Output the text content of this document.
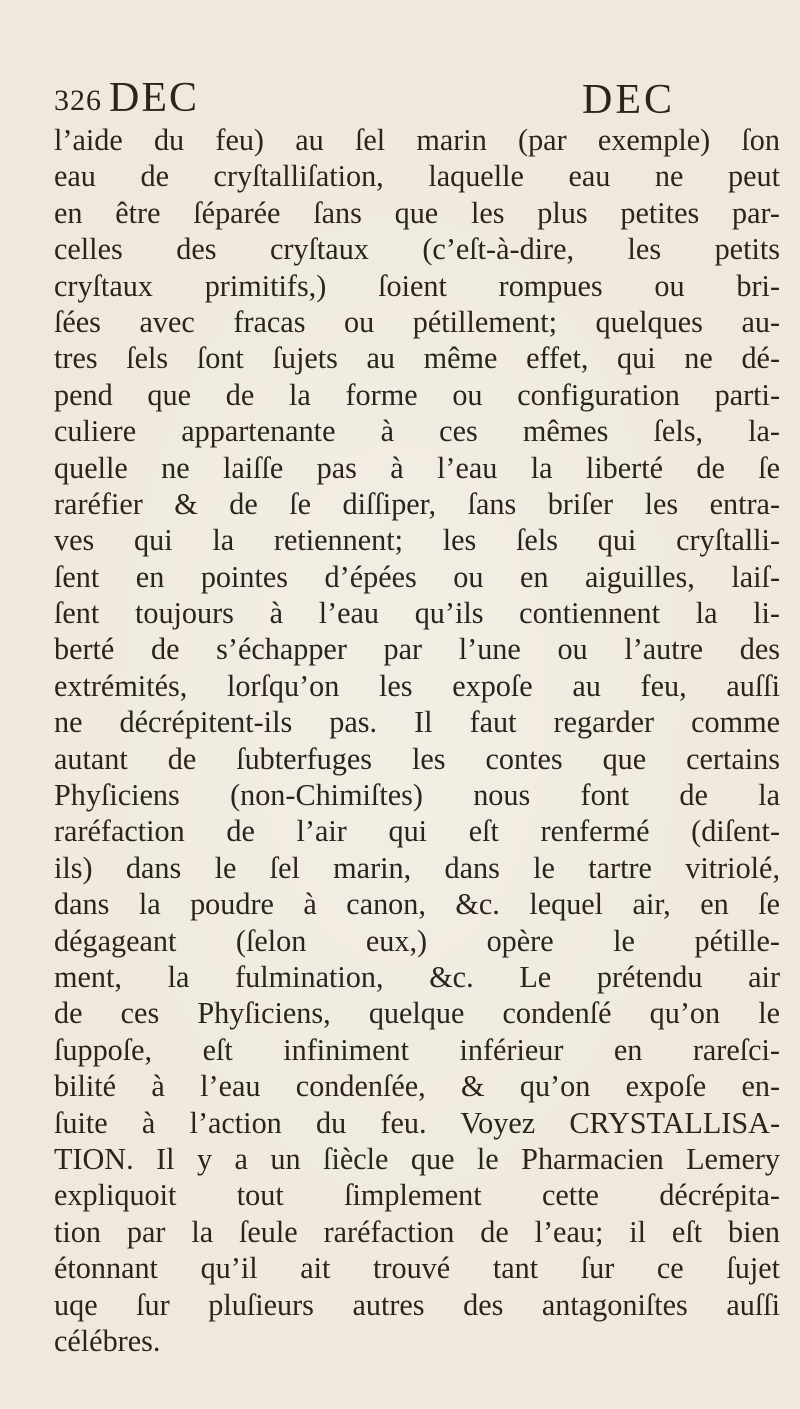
326 DEC	DEC
l’aide du feu) au ſel marin (par exemple) ſon
eau de cryſtalliſation, laquelle eau ne peut
en être ſéparée ſans que les plus petites par-
celles des cryſtaux (c’eſt-à-dire, les petits
cryſtaux primitifs,) ſoient rompues ou bri-
ſées avec fracas ou pétillement; quelques au-
tres ſels ſont ſujets au même effet, qui ne dé-
pend que de la forme ou configuration parti-
culiere appartenante à ces mêmes ſels, la-
quelle ne laiſſe pas à l’eau la liberté de ſe
raréfier & de ſe diſſiper, ſans briſer les entra-
ves qui la retiennent; les ſels qui cryſtalli-
ſent en pointes d’épées ou en aiguilles, laiſ-
ſent toujours à l’eau qu’ils contiennent la li-
berté de s’échapper par l’une ou l’autre des
extrémités, lorſqu’on les expoſe au feu, auſſi
ne décrépitent-ils pas. Il faut regarder comme
autant de ſubterfuges les contes que certains
Phyſiciens (non-Chimiſtes) nous font de la
raréfaction de l’air qui eſt renfermé (diſent-
ils) dans le ſel marin, dans le tartre vitriolé,
dans la poudre à canon, &c. lequel air, en ſe
dégageant (ſelon eux,) opère le pétille-
ment, la fulmination, &c. Le prétendu air
de ces Phyſiciens, quelque condenſé qu’on le
ſuppoſe, eſt infiniment inférieur en rareſci-
bilité à l’eau condenſée, & qu’on expoſe en-
ſuite à l’action du feu. Voyez CRYSTALLISA-
TION. Il y a un ſiècle que le Pharmacien Lemery
expliquoit tout ſimplement cette décrépita-
tion par la ſeule raréfaction de l’eau; il eſt bien
étonnant qu’il ait trouvé tant ſur ce ſujet
uqe ſur pluſieurs autres des antagoniſtes auſſi
célébres.
